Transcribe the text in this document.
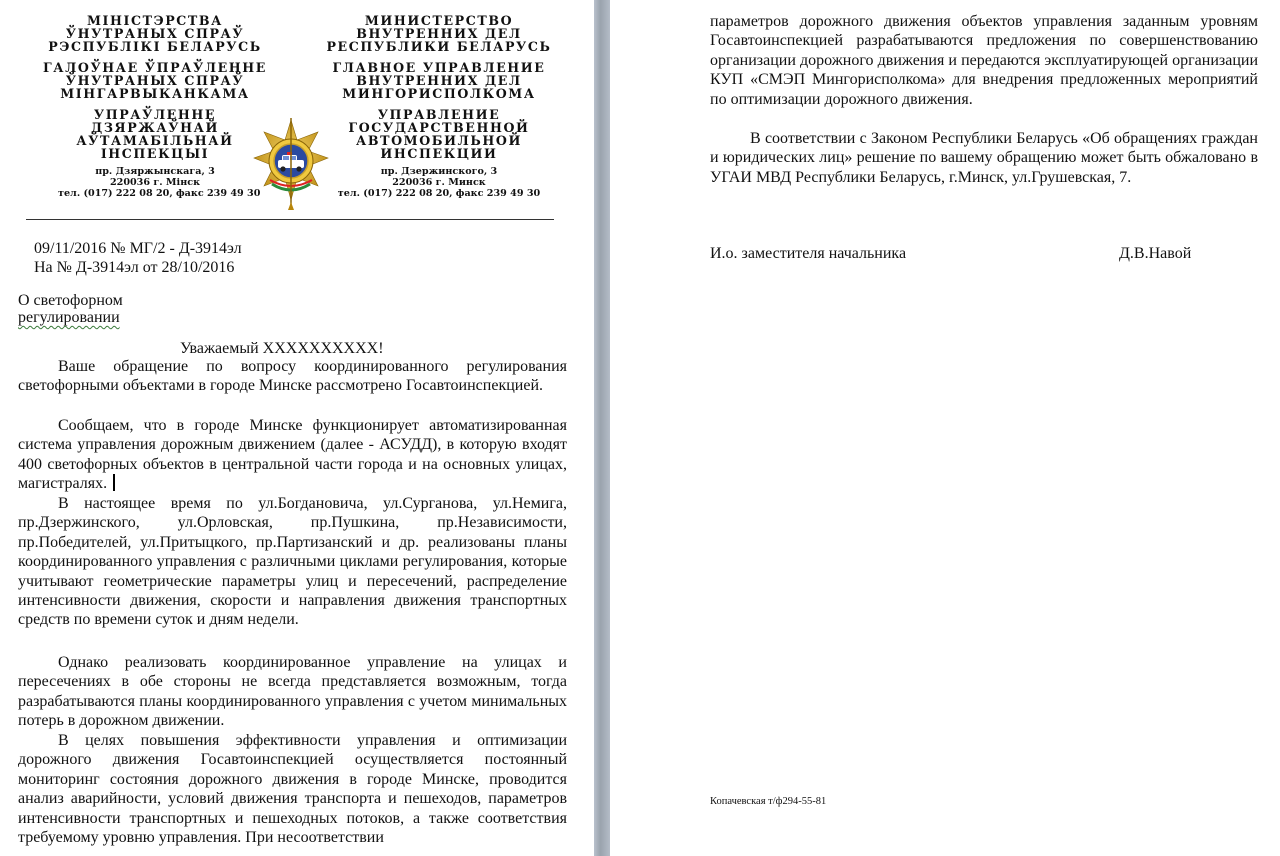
МІНІСТЭРСТВА
ЎНУТРАНЫХ СПРАЎ
РЭСПУБЛІКІ БЕЛАРУСЬ
ГАЛОЎНАЕ ЎПРАЎЛЕННЕ
ЎНУТРАНЫХ СПРАЎ
МІНГАРВЫКАНКАМА
УПРАЎЛЕННЕ
ДЗЯРЖАЎНАЙ
АЎТАМАБІЛЬНАЙ
ІНСПЕКЦЫІ
пр. Дзяржынскага, 3
220036 г. Мінск
тел. (017) 222 08 20, факс 239 49 30
МИНИСТЕРСТВО
ВНУТРЕННИХ ДЕЛ
РЕСПУБЛИКИ БЕЛАРУСЬ
ГЛАВНОЕ УПРАВЛЕНИЕ
ВНУТРЕННИХ ДЕЛ
МИНГОРИСПОЛКОМА
УПРАВЛЕНИЕ
ГОСУДАРСТВЕННОЙ
АВТОМОБИЛЬНОЙ
ИНСПЕКЦИИ
пр. Дзержинского, 3
220036 г. Минск
тел. (017) 222 08 20, факс 239 49 30
09/11/2016 № МГ/2 - Д-3914эл
На № Д-3914эл от 28/10/2016
О светофорном
регулировании
Уважаемый ХХХХХХХХХХ!
Ваше обращение по вопросу координированного регулирования светофорными объектами в городе Минске рассмотрено Госавтоинспекцией.
Сообщаем, что в городе Минске функционирует автоматизированная система управления дорожным движением (далее - АСУДД), в которую входят 400 светофорных объектов в центральной части города и на основных улицах, магистралях.
В настоящее время по ул.Богдановича, ул.Сурганова, ул.Немига, пр.Дзержинского, ул.Орловская, пр.Пушкина, пр.Независимости, пр.Победителей, ул.Притыцкого, пр.Партизанский и др. реализованы планы координированного управления с различными циклами регулирования, которые учитывают геометрические параметры улиц и пересечений, распределение интенсивности движения, скорости и направления движения транспортных средств по времени суток и дням недели.
Однако реализовать координированное управление на улицах и пересечениях в обе стороны не всегда представляется возможным, тогда разрабатываются планы координированного управления с учетом минимальных потерь в дорожном движении.
В целях повышения эффективности управления и оптимизации дорожного движения Госавтоинспекцией осуществляется постоянный мониторинг состояния дорожного движения в городе Минске, проводится анализ аварийности, условий движения транспорта и пешеходов, параметров интенсивности транспортных и пешеходных потоков, а также соответствия требуемому уровню управления. При несоответствии
параметров дорожного движения объектов управления заданным уровням Госавтоинспекцией разрабатываются предложения по совершенствованию организации дорожного движения и передаются эксплуатирующей организации КУП «СМЭП Мингорисполкома» для внедрения предложенных мероприятий по оптимизации дорожного движения.
В соответствии с Законом Республики Беларусь «Об обращениях граждан и юридических лиц» решение по вашему обращению может быть обжаловано в УГАИ МВД Республики Беларусь, г.Минск, ул.Грушевская, 7.
И.о. заместителя начальника	Д.В.Навой
Копачевская т/ф294-55-81
